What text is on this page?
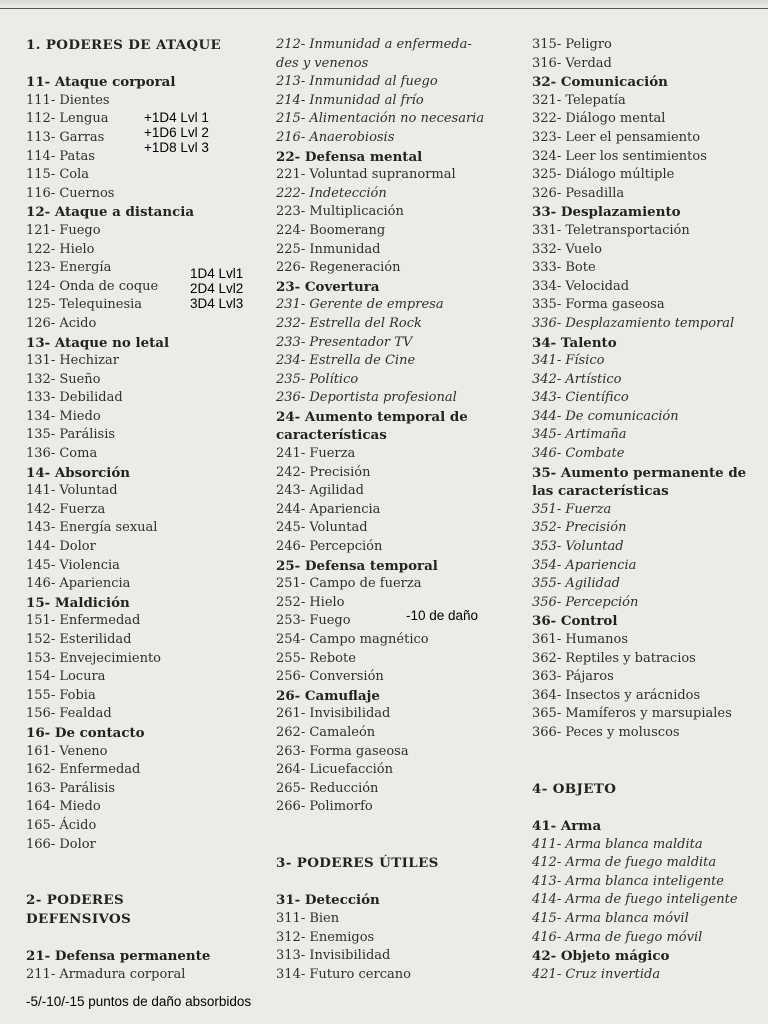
1. PODERES DE ATAQUE
11- Ataque corporal
111- Dientes
112- Lengua
113- Garras
114- Patas
115- Cola
116- Cuernos
12- Ataque a distancia
121- Fuego
122- Hielo
123- Energía
124- Onda de coque
125- Telequinesia
126- Acido
13- Ataque no letal
131- Hechizar
132- Sueño
133- Debilidad
134- Miedo
135- Parálisis
136- Coma
14- Absorción
141- Voluntad
142- Fuerza
143- Energía sexual
144- Dolor
145- Violencia
146- Apariencia
15- Maldición
151- Enfermedad
152- Esterilidad
153- Envejecimiento
154- Locura
155- Fobia
156- Fealdad
16- De contacto
161- Veneno
162- Enfermedad
163- Parálisis
164- Miedo
165- Ácido
166- Dolor
2- PODERES
DEFENSIVOS
21- Defensa permanente
211- Armadura corporal
212- Inmunidad a enfermeda-
des y venenos
213- Inmunidad al fuego
214- Inmunidad al frío
215- Alimentación no necesaria
216- Anaerobiosis
22- Defensa mental
221- Voluntad supranormal
222- Indetección
223- Multiplicación
224- Boomerang
225- Inmunidad
226- Regeneración
23- Covertura
231- Gerente de empresa
232- Estrella del Rock
233- Presentador TV
234- Estrella de Cine
235- Político
236- Deportista profesional
24- Aumento temporal de
características
241- Fuerza
242- Precisión
243- Agilidad
244- Apariencia
245- Voluntad
246- Percepción
25- Defensa temporal
251- Campo de fuerza
252- Hielo
253- Fuego
254- Campo magnético
255- Rebote
256- Conversión
26- Camuflaje
261- Invisibilidad
262- Camaleón
263- Forma gaseosa
264- Licuefacción
265- Reducción
266- Polimorfo
3- PODERES ÚTILES
31- Detección
311- Bien
312- Enemigos
313- Invisibilidad
314- Futuro cercano
315- Peligro
316- Verdad
32- Comunicación
321- Telepatía
322- Diálogo mental
323- Leer el pensamiento
324- Leer los sentimientos
325- Diálogo múltiple
326- Pesadilla
33- Desplazamiento
331- Teletransportación
332- Vuelo
333- Bote
334- Velocidad
335- Forma gaseosa
336- Desplazamiento temporal
34- Talento
341- Físico
342- Artístico
343- Científico
344- De comunicación
345- Artimaña
346- Combate
35- Aumento permanente de
las características
351- Fuerza
352- Precisión
353- Voluntad
354- Apariencia
355- Agilidad
356- Percepción
36- Control
361- Humanos
362- Reptiles y batracios
363- Pájaros
364- Insectos y arácnidos
365- Mamíferos y marsupiales
366- Peces y moluscos
4- OBJETO
41- Arma
411- Arma blanca maldita
412- Arma de fuego maldita
413- Arma blanca inteligente
414- Arma de fuego inteligente
415- Arma blanca móvil
416- Arma de fuego móvil
42- Objeto mágico
421- Cruz invertida
+1D4 Lvl 1
+1D6 Lvl 2
+1D8 Lvl 3
1D4 Lvl1
2D4 Lvl2
3D4 Lvl3
-10 de daño
-5/-10/-15 puntos de daño absorbidos
